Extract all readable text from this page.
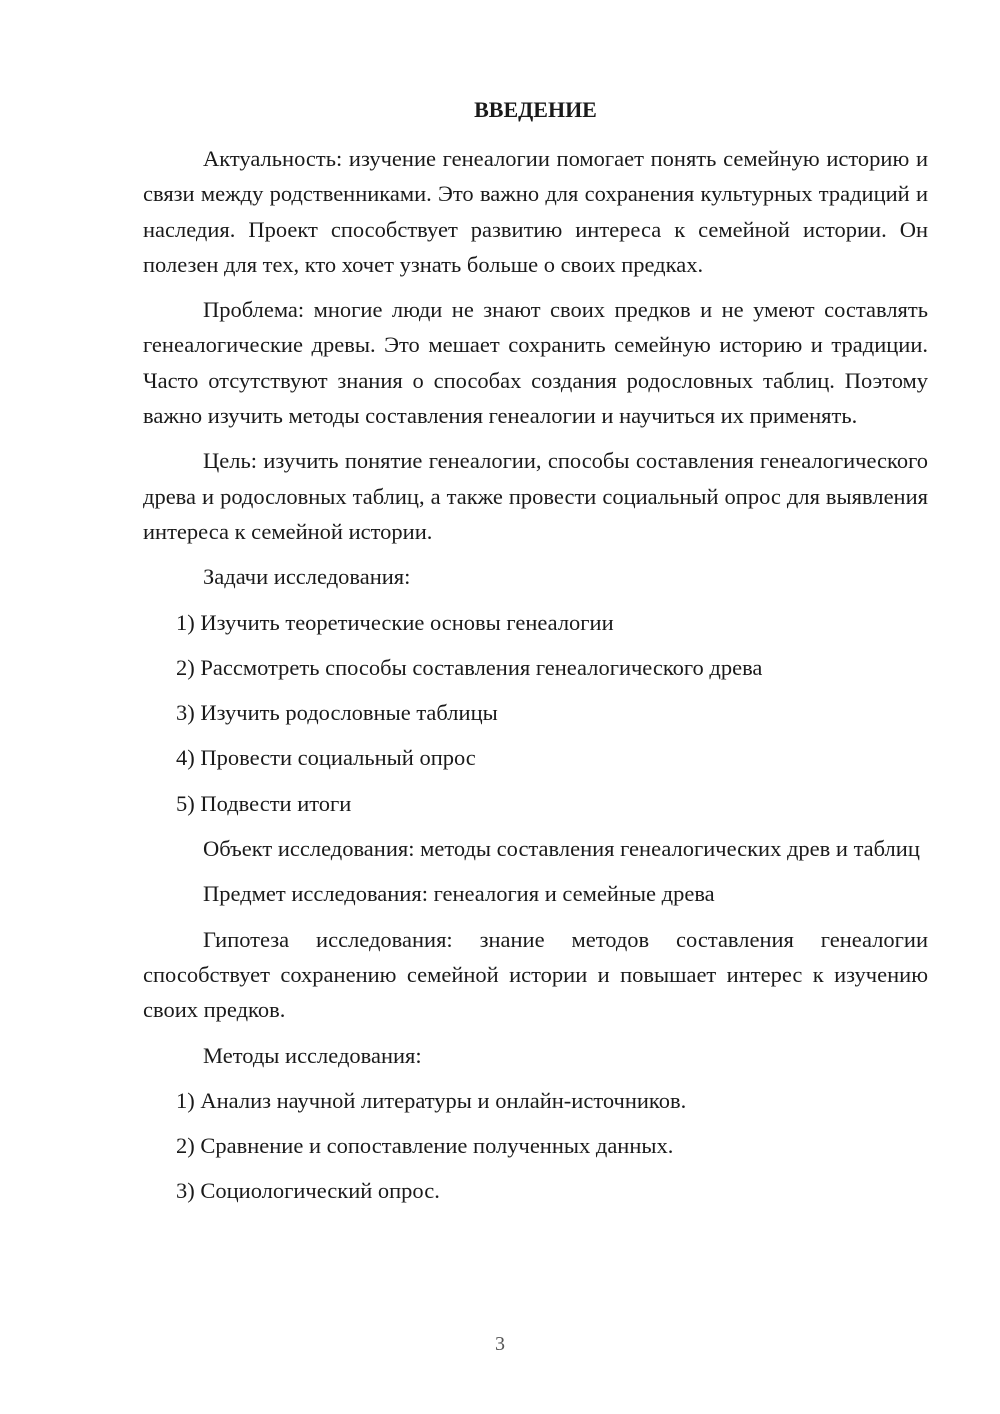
ВВЕДЕНИЕ

Актуальность: изучение генеалогии помогает понять семейную историю и связи между родственниками. Это важно для сохранения культурных традиций и наследия. Проект способствует развитию интереса к семейной истории. Он полезен для тех, кто хочет узнать больше о своих предках.

Проблема: многие люди не знают своих предков и не умеют составлять генеалогические древы. Это мешает сохранить семейную историю и традиции. Часто отсутствуют знания о способах создания родословных таблиц. Поэтому важно изучить методы составления генеалогии и научиться их применять.

Цель: изучить понятие генеалогии, способы составления генеалогического древа и родословных таблиц, а также провести социальный опрос для выявления интереса к семейной истории.

Задачи исследования:

1) Изучить теоретические основы генеалогии
2) Рассмотреть способы составления генеалогического древа
3) Изучить родословные таблицы
4) Провести социальный опрос
5) Подвести итоги

Объект исследования: методы составления генеалогических древ и таблиц

Предмет исследования: генеалогия и семейные древа

Гипотеза исследования: знание методов составления генеалогии способствует сохранению семейной истории и повышает интерес к изучению своих предков.

Методы исследования:

1) Анализ научной литературы и онлайн-источников.
2) Сравнение и сопоставление полученных данных.
3) Социологический опрос.
3
